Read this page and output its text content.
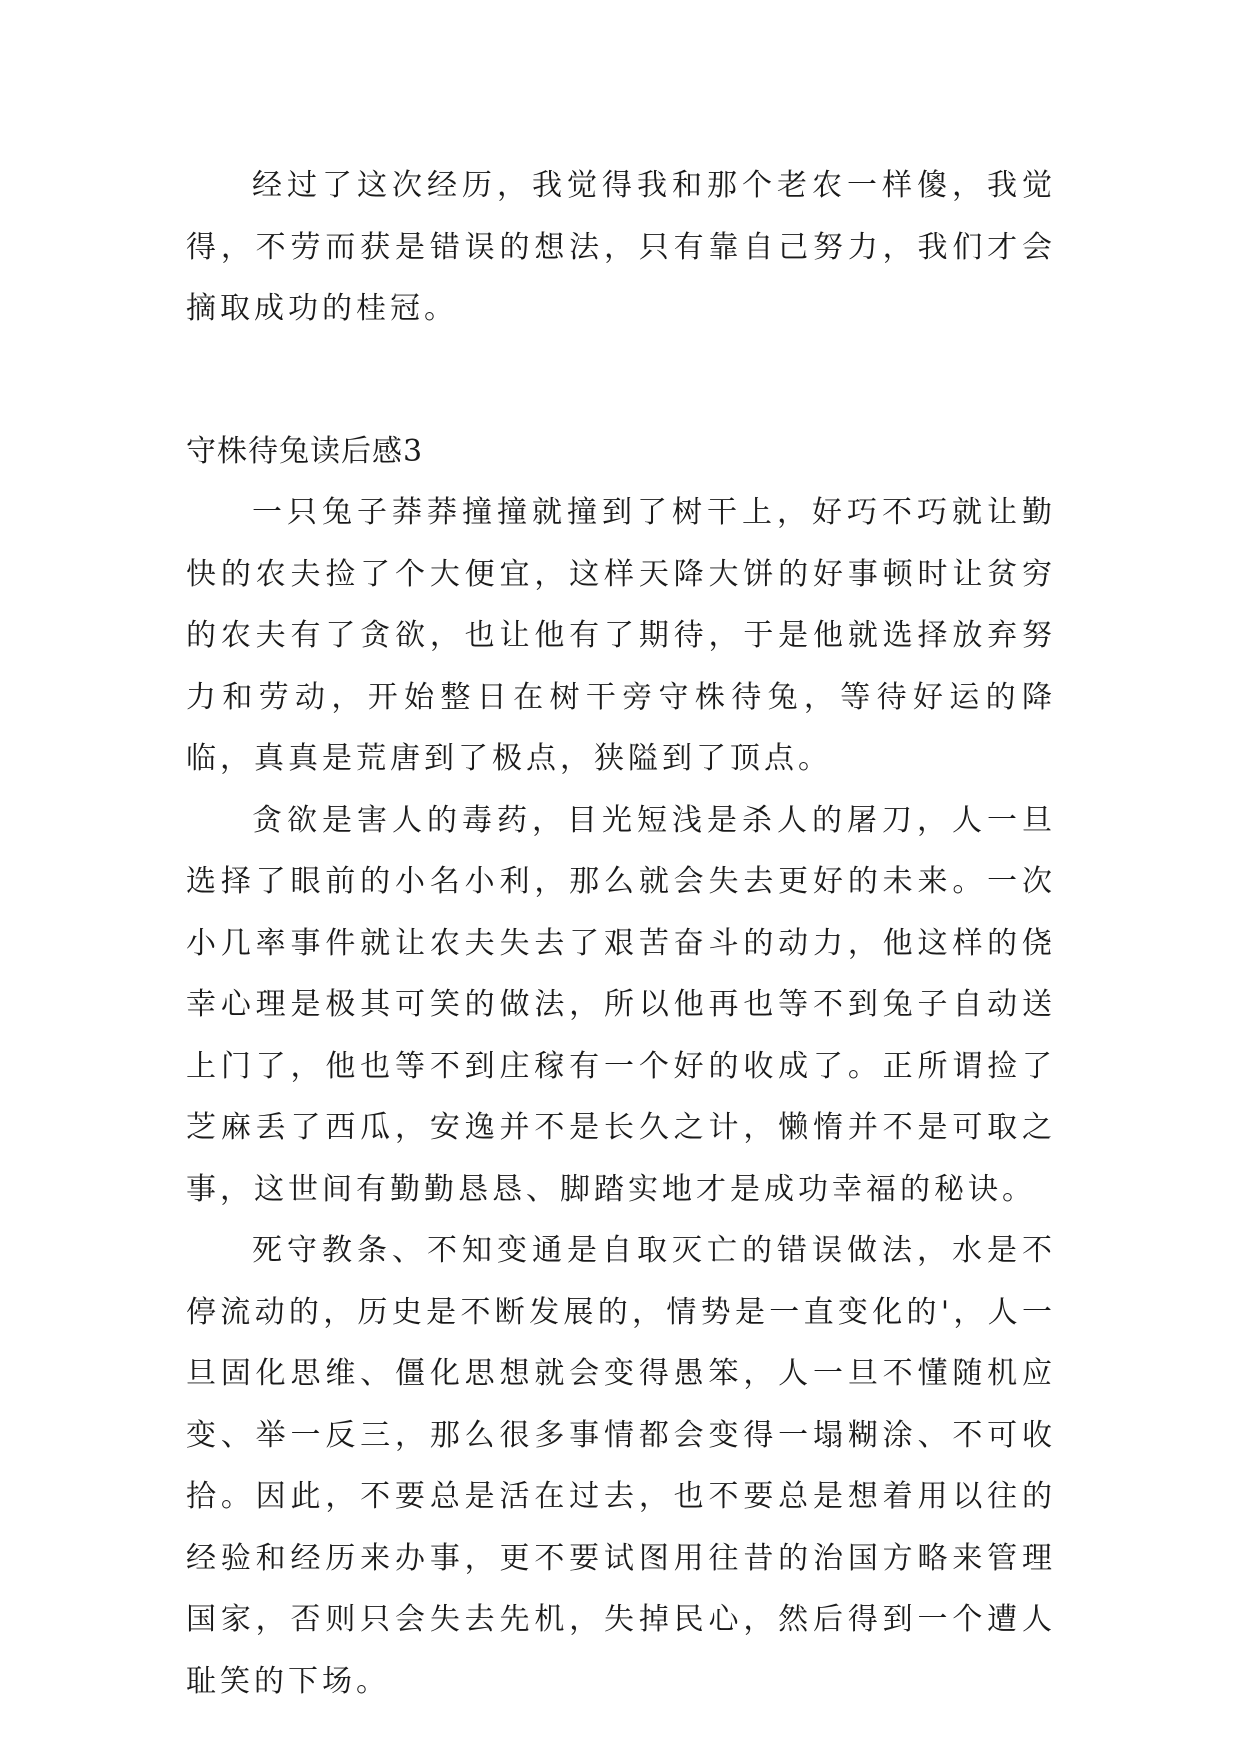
经过了这次经历，我觉得我和那个老农一样傻，我觉得，不劳而获是错误的想法，只有靠自己努力，我们才会摘取成功的桂冠。

守株待兔读后感3

一只兔子莽莽撞撞就撞到了树干上，好巧不巧就让勤快的农夫捡了个大便宜，这样天降大饼的好事顿时让贫穷的农夫有了贪欲，也让他有了期待，于是他就选择放弃努力和劳动，开始整日在树干旁守株待兔，等待好运的降临，真真是荒唐到了极点，狭隘到了顶点。

贪欲是害人的毒药，目光短浅是杀人的屠刀，人一旦选择了眼前的小名小利，那么就会失去更好的未来。一次小几率事件就让农夫失去了艰苦奋斗的动力，他这样的侥幸心理是极其可笑的做法，所以他再也等不到兔子自动送上门了，他也等不到庄稼有一个好的收成了。正所谓捡了芝麻丢了西瓜，安逸并不是长久之计，懒惰并不是可取之事，这世间有勤勤恳恳、脚踏实地才是成功幸福的秘诀。

死守教条、不知变通是自取灭亡的错误做法，水是不停流动的，历史是不断发展的，情势是一直变化的'，人一旦固化思维、僵化思想就会变得愚笨，人一旦不懂随机应变、举一反三，那么很多事情都会变得一塌糊涂、不可收拾。因此，不要总是活在过去，也不要总是想着用以往的经验和经历来办事，更不要试图用往昔的治国方略来管理国家，否则只会失去先机，失掉民心，然后得到一个遭人耻笑的下场。
